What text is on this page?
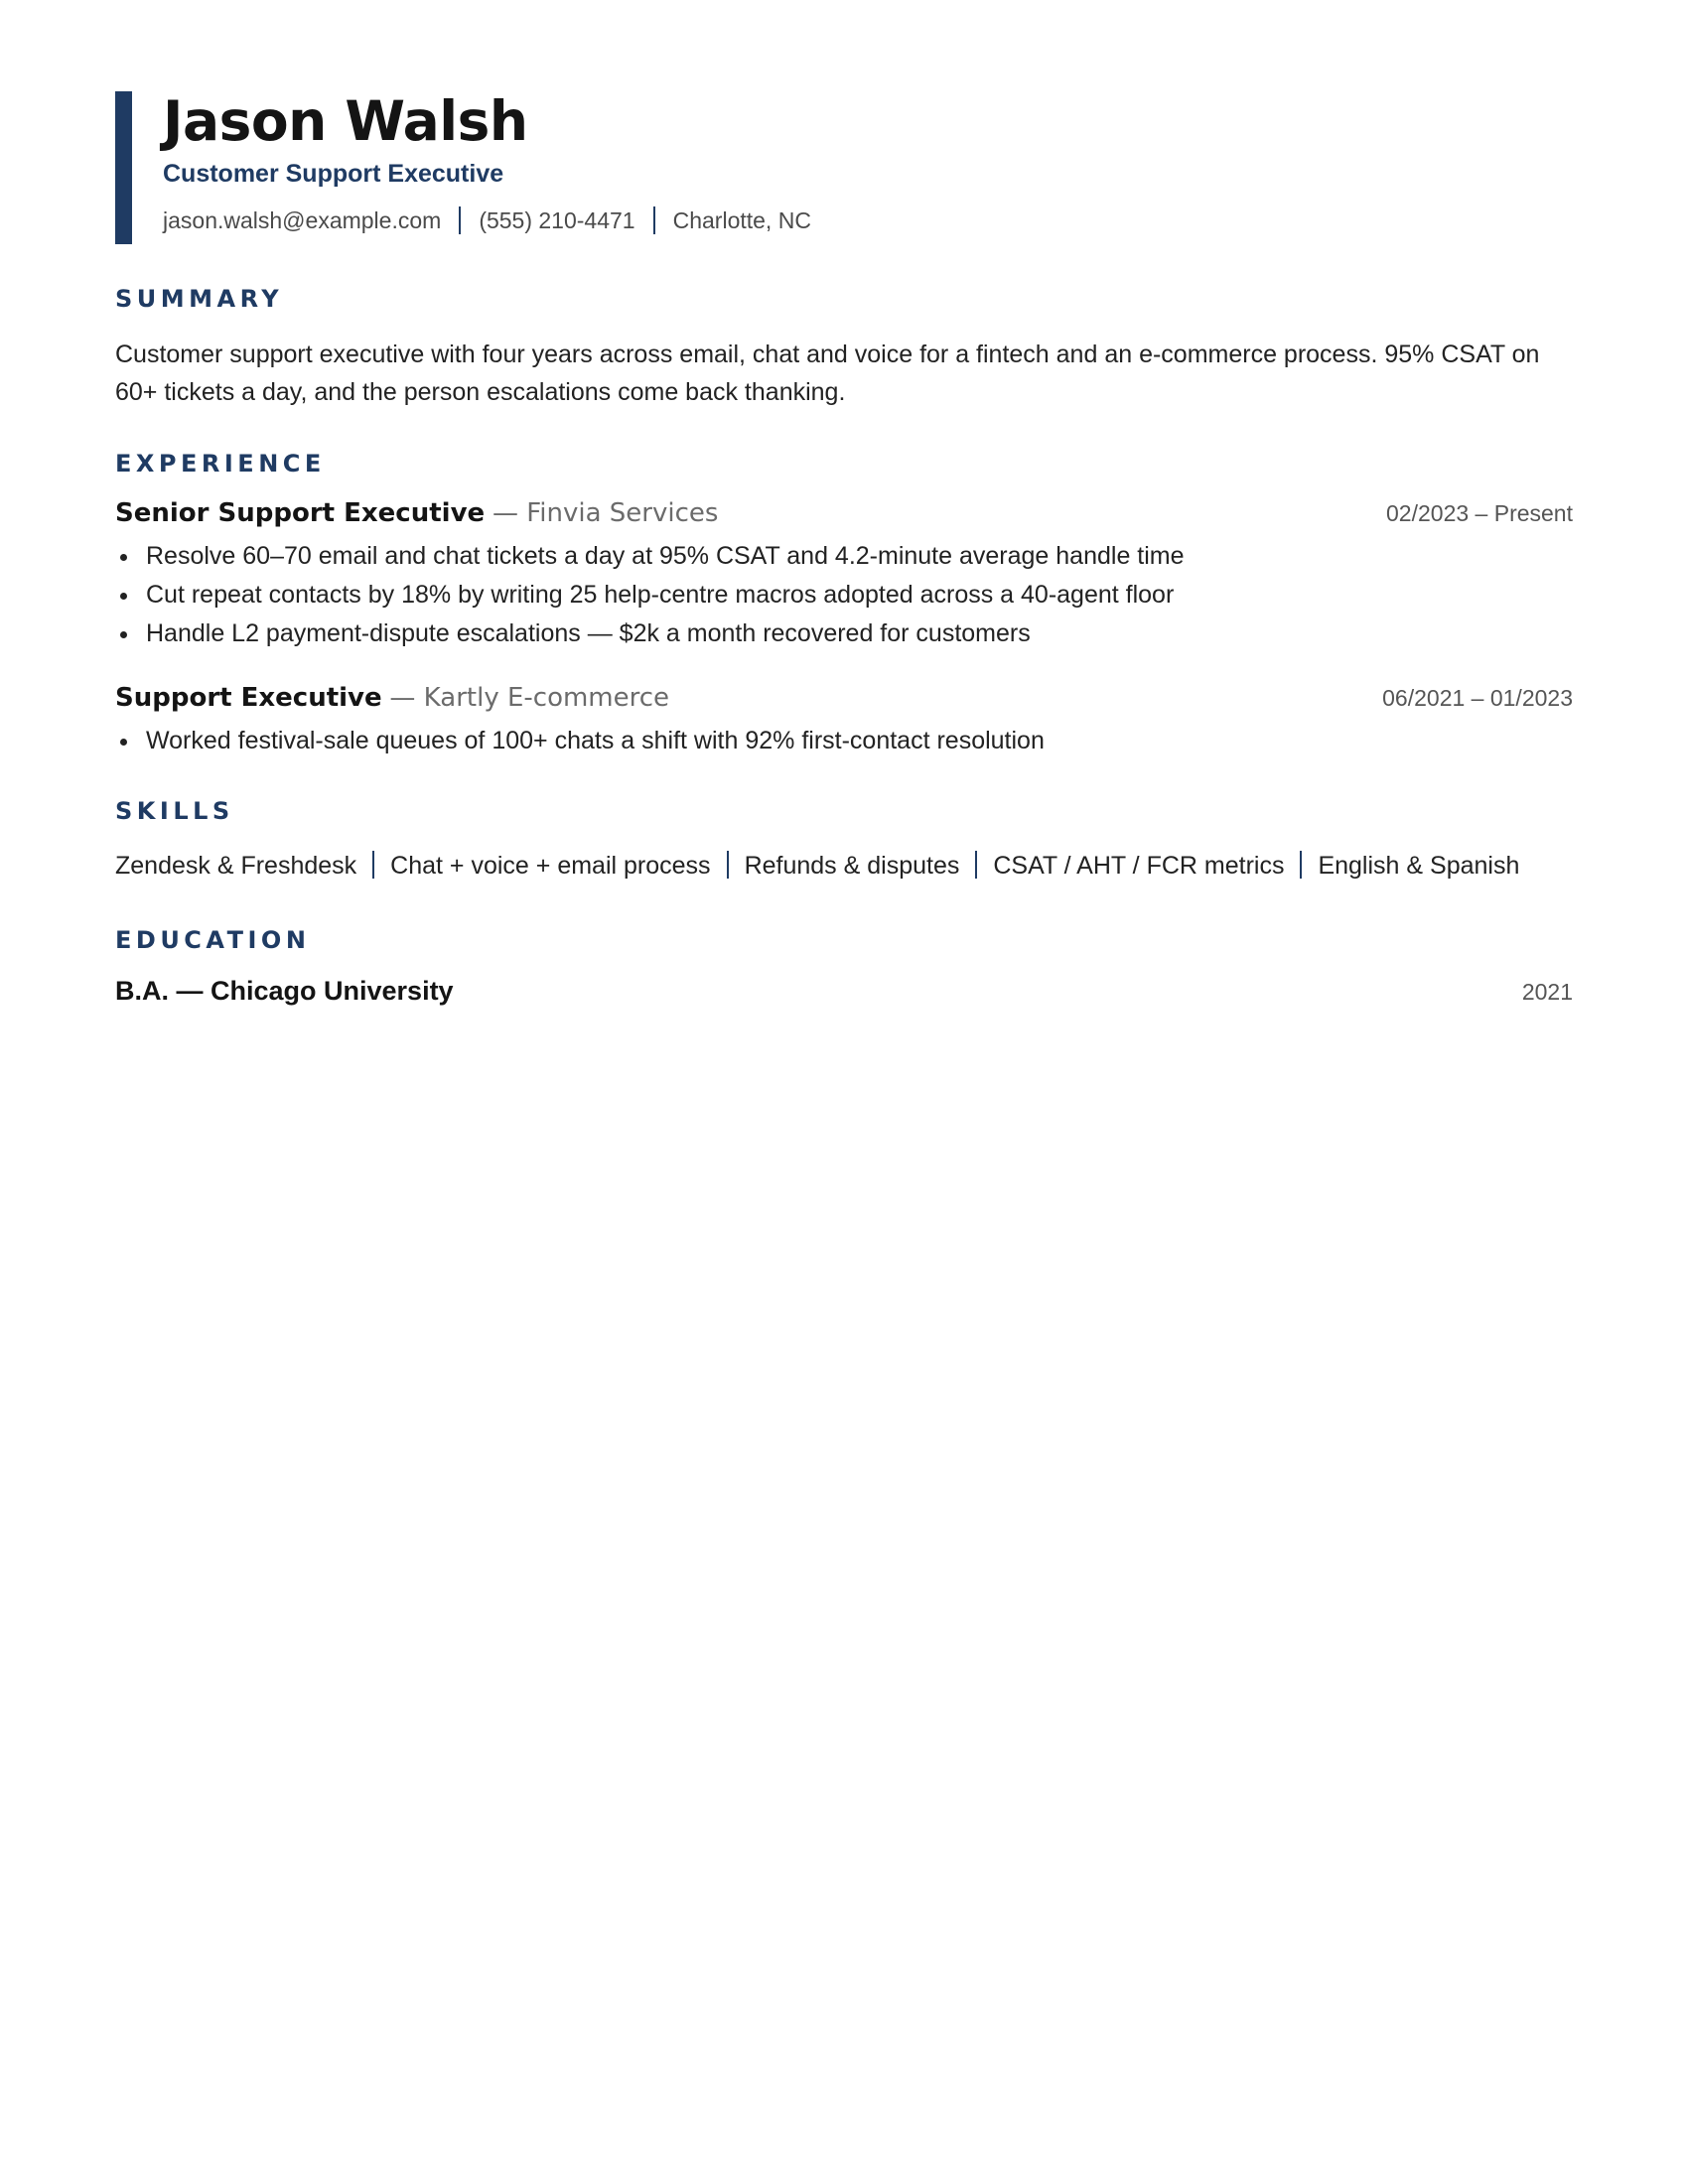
Jason Walsh
Customer Support Executive
jason.walsh@example.com (555) 210-4471 Charlotte, NC
SUMMARY

Customer support executive with four years across email, chat and voice for a fintech and an e-commerce process. 95% CSAT on 60+ tickets a day, and the person escalations come back thanking.

EXPERIENCE
Senior Support Executive — Finvia Services	02/2023 – Present
Resolve 60–70 email and chat tickets a day at 95% CSAT and 4.2-minute average handle time
Cut repeat contacts by 18% by writing 25 help-centre macros adopted across a 40-agent floor
Handle L2 payment-dispute escalations — $2k a month recovered for customers
Support Executive — Kartly E-commerce	06/2021 – 01/2023
Worked festival-sale queues of 100+ chats a shift with 92% first-contact resolution
SKILLS

Zendesk & Freshdesk Chat + voice + email process Refunds & disputes CSAT / AHT / FCR metrics English & Spanish

EDUCATION
B.A. — Chicago University	2021
